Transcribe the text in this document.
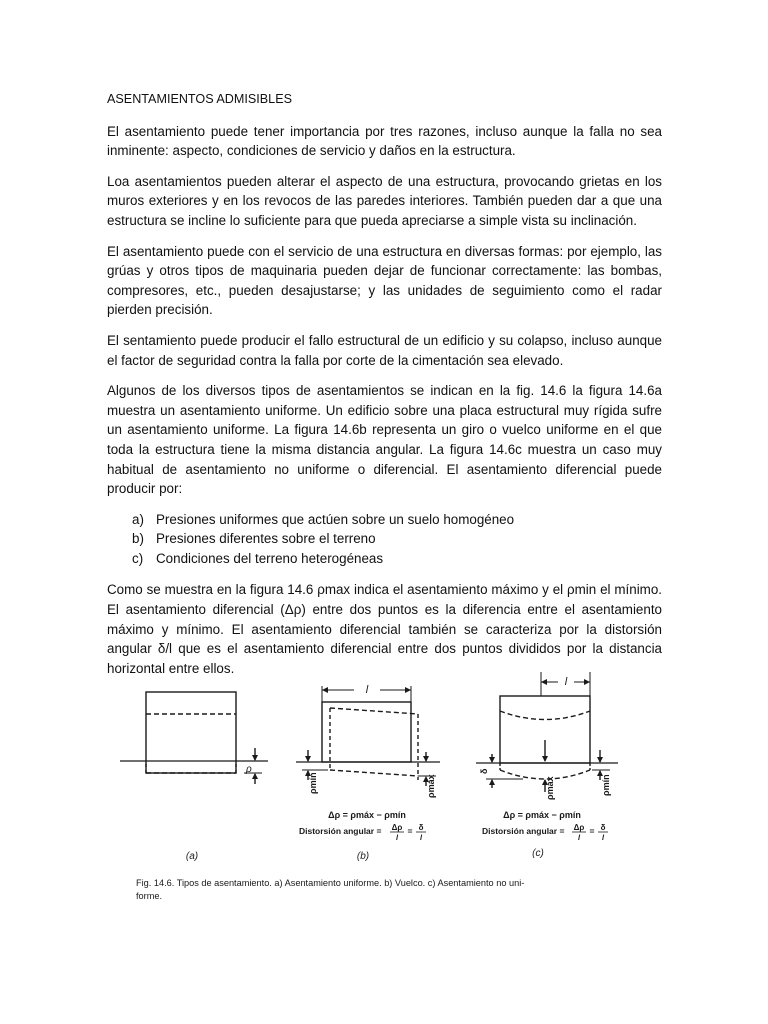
ASENTAMIENTOS ADMISIBLES

El asentamiento puede tener importancia por tres razones, incluso aunque la falla no sea inminente: aspecto, condiciones de servicio y daños en la estructura.

Loa asentamientos pueden alterar el aspecto de una estructura, provocando grietas en los muros exteriores y en los revocos de las paredes interiores. También pueden dar a que una estructura se incline lo suficiente para que pueda apreciarse a simple vista su inclinación.

El asentamiento puede con el servicio de una estructura en diversas formas: por ejemplo, las grúas y otros tipos de maquinaria pueden dejar de funcionar correctamente: las bombas, compresores, etc., pueden desajustarse; y las unidades de seguimiento como el radar pierden precisión.

El sentamiento puede producir el fallo estructural de un edificio y su colapso, incluso aunque el factor de seguridad contra la falla por corte de la cimentación sea elevado.

Algunos de los diversos tipos de asentamientos se indican en la fig. 14.6 la figura 14.6a muestra un asentamiento uniforme. Un edificio sobre una placa estructural muy rígida sufre un asentamiento uniforme. La figura 14.6b representa un giro o vuelco uniforme en el que toda la estructura tiene la misma distancia angular. La figura 14.6c muestra un caso muy habitual de asentamiento no uniforme o diferencial. El asentamiento diferencial puede producir por:

a) Presiones uniformes que actúen sobre un suelo homogéneo
b) Presiones diferentes sobre el terreno
c) Condiciones del terreno heterogéneas

Como se muestra en la figura 14.6 ρmax indica el asentamiento máximo y el ρmin el mínimo. El asentamiento diferencial (Δρ) entre dos puntos es la diferencia entre el asentamiento máximo y mínimo. El asentamiento diferencial también se caracteriza por la distorsión angular δ/l que es el asentamiento diferencial entre dos puntos divididos por la distancia horizontal entre ellos.

ρ
(a)
l
ρmín	ρmáx
Δρ = ρmáx − ρmín
Distorsión angular = Δρ
l
= δ
l
(b)
l
δ
ρmáx	ρmín
Δρ = ρmáx − ρmín
Distorsión angular = Δρ
l
= δ
l
(c)
Fig. 14.6. Tipos de asentamiento. a) Asentamiento uniforme. b) Vuelco. c) Asentamiento no uni-
forme.
